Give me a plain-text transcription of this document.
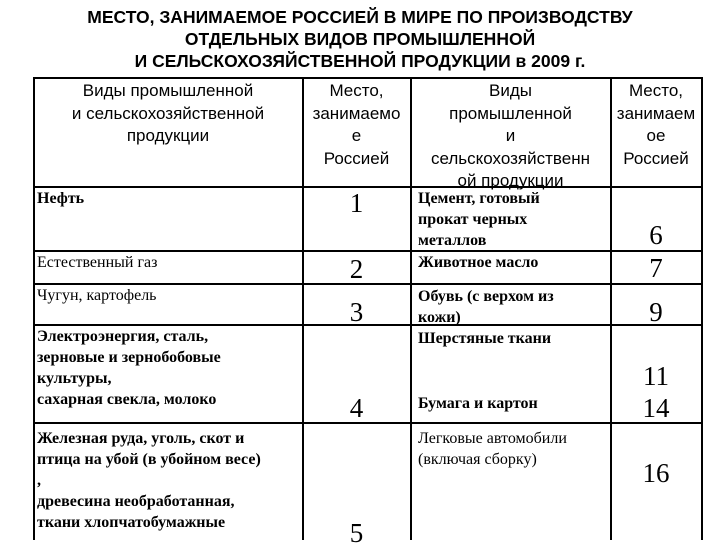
МЕСТО, ЗАНИМАЕМОЕ РОССИЕЙ В МИРЕ ПО ПРОИЗВОДСТВУ
ОТДЕЛЬНЫХ ВИДОВ ПРОМЫШЛЕННОЙ
И СЕЛЬСКОХОЗЯЙСТВЕННОЙ ПРОДУКЦИИ в 2009 г.
Виды промышленной
и сельскохозяйственной
продукции
Место,
занимаемо
е
Россией
Виды
промышленной
и
сельскохозяйственн
ой продукции
Место,
занимаем
ое
Россией
Нефть
Естественный газ
Чугун, картофель
Электроэнергия, сталь,
зерновые и зернобобовые
культуры,
сахарная свекла, молоко
Железная руда, уголь, скот и
птица на убой (в убойном весе)
,
древесина необработанная,
ткани хлопчатобумажные
1
2
3
4
5
Цемент, готовый
прокат черных
металлов
Животное масло
Обувь (с верхом из
кожи)
Шерстяные ткани
Бумага и картон
Легковые автомобили
(включая сборку)
6
7
9
11
14
16
